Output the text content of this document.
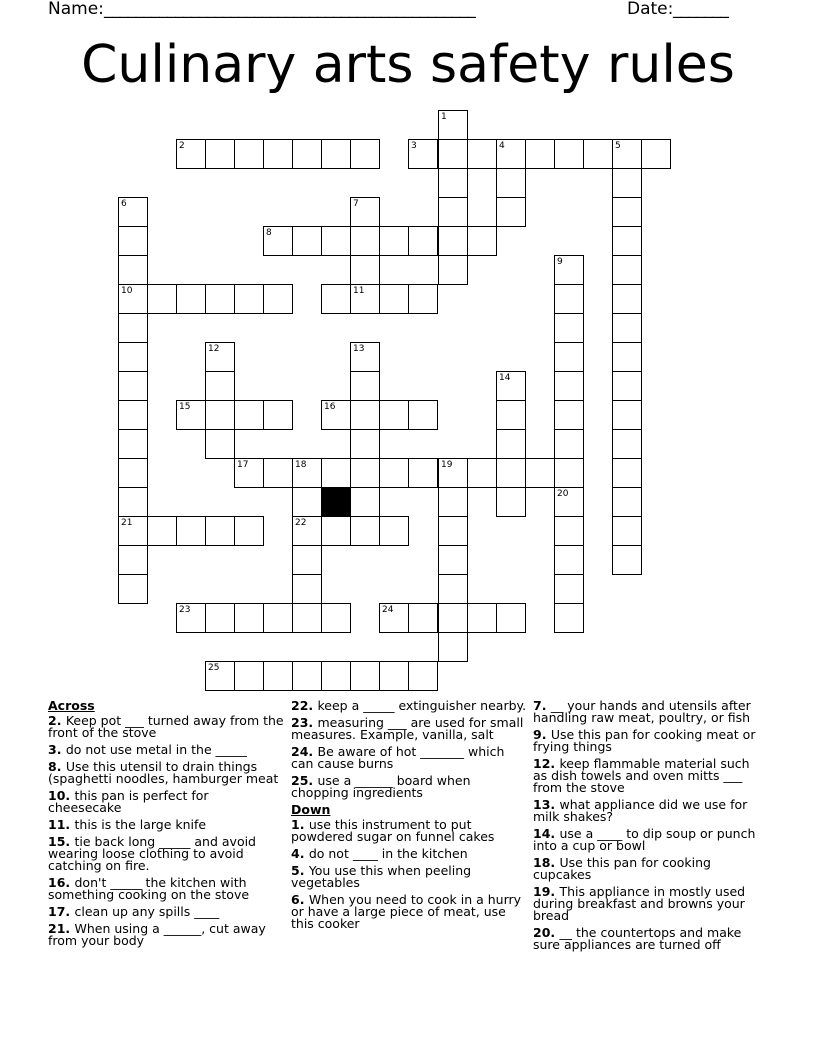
Name: _______________________________________________	Date: _______
Culinary arts safety rules
1
2	3	4	5
6
10
21
7
11
8
9
12	13
14
15	16
17	18	19
20
22
23	24
25
Across
2. Keep pot ___ turned away from the front of the stove
3. do not use metal in the _____
8. Use this utensil to drain things (spaghetti noodles, hamburger meat
10. this pan is perfect for cheesecake
11. this is the large knife
15. tie back long _____ and avoid wearing loose clothing to avoid catching on fire.
16. don't _____ the kitchen with something cooking on the stove
17. clean up any spills ____
21. When using a ______, cut away from your body
22. keep a _____ extinguisher nearby.
23. measuring ___ are used for small measures. Example, vanilla, salt
24. Be aware of hot _______ which can cause burns
25. use a ______ board when chopping ingredients
Down
1. use this instrument to put powdered sugar on funnel cakes
4. do not ____ in the kitchen
5. You use this when peeling vegetables
6. When you need to cook in a hurry or have a large piece of meat, use this cooker
7. __ your hands and utensils after handling raw meat, poultry, or fish
9. Use this pan for cooking meat or frying things
12. keep flammable material such as dish towels and oven mitts ___ from the stove
13. what appliance did we use for milk shakes?
14. use a ____ to dip soup or punch into a cup or bowl
18. Use this pan for cooking cupcakes
19. This appliance in mostly used during breakfast and browns your bread
20. __ the countertops and make sure appliances are turned off
